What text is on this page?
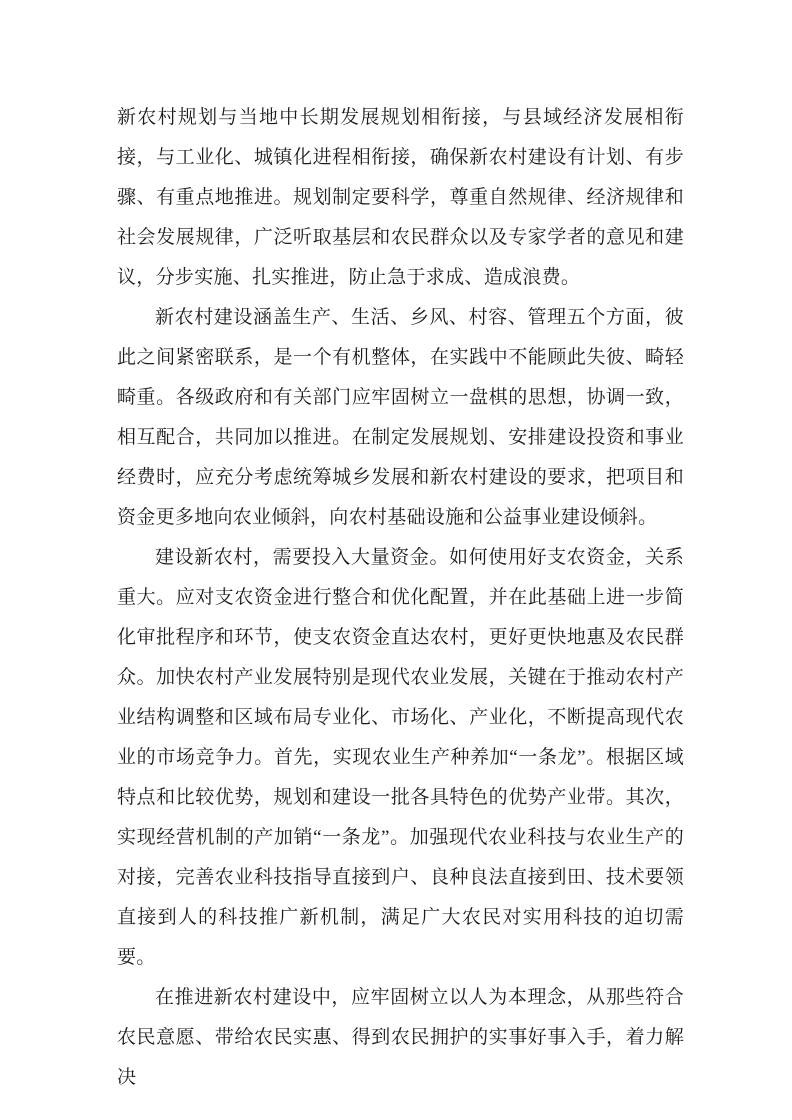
新农村规划与当地中长期发展规划相衔接，与县域经济发展相衔接，与工业化、城镇化进程相衔接，确保新农村建设有计划、有步骤、有重点地推进。规划制定要科学，尊重自然规律、经济规律和社会发展规律，广泛听取基层和农民群众以及专家学者的意见和建议，分步实施、扎实推进，防止急于求成、造成浪费。

新农村建设涵盖生产、生活、乡风、村容、管理五个方面，彼此之间紧密联系，是一个有机整体，在实践中不能顾此失彼、畸轻畸重。各级政府和有关部门应牢固树立一盘棋的思想，协调一致，相互配合，共同加以推进。在制定发展规划、安排建设投资和事业经费时，应充分考虑统筹城乡发展和新农村建设的要求，把项目和资金更多地向农业倾斜，向农村基础设施和公益事业建设倾斜。

建设新农村，需要投入大量资金。如何使用好支农资金，关系重大。应对支农资金进行整合和优化配置，并在此基础上进一步简化审批程序和环节，使支农资金直达农村，更好更快地惠及农民群众。加快农村产业发展特别是现代农业发展，关键在于推动农村产业结构调整和区域布局专业化、市场化、产业化，不断提高现代农业的市场竞争力。首先，实现农业生产种养加“一条龙”。根据区域特点和比较优势，规划和建设一批各具特色的优势产业带。其次，实现经营机制的产加销“一条龙”。加强现代农业科技与农业生产的对接，完善农业科技指导直接到户、良种良法直接到田、技术要领直接到人的科技推广新机制，满足广大农民对实用科技的迫切需要。

在推进新农村建设中，应牢固树立以人为本理念，从那些符合农民意愿、带给农民实惠、得到农民拥护的实事好事入手，着力解决
